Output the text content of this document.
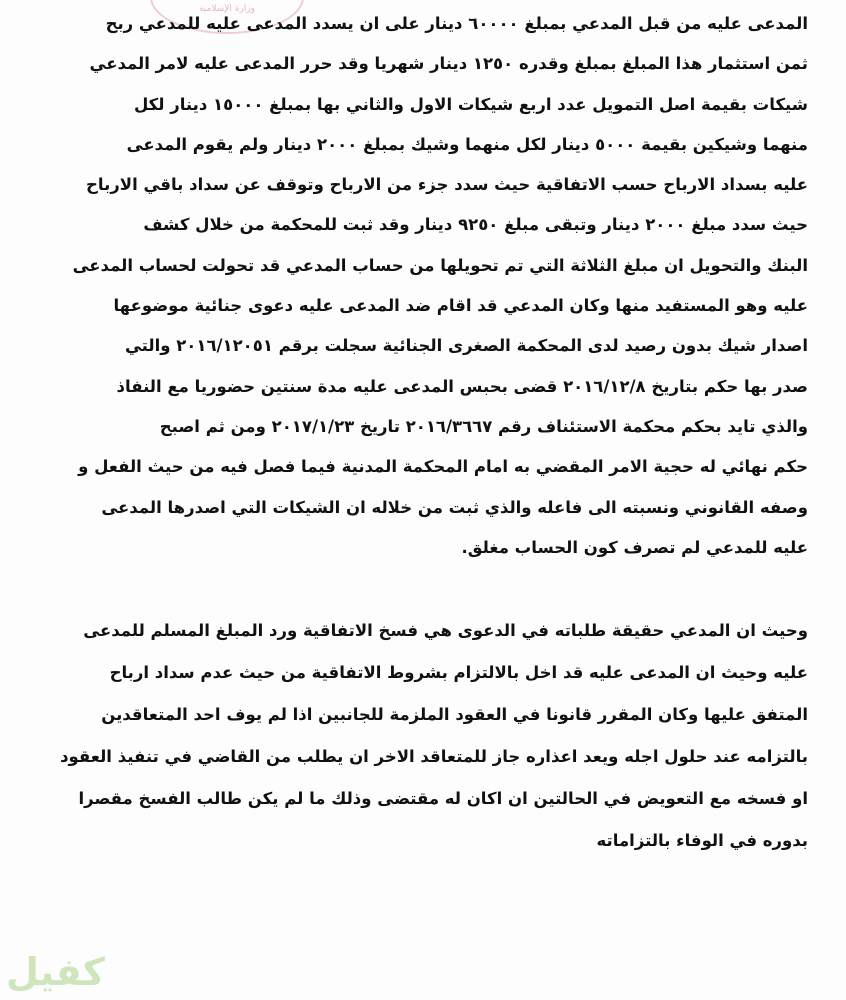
وزارة الإسلامية
المدعى عليه من قبل المدعي بمبلغ ٦٠٠٠٠ دينار على ان يسدد المدعى عليه للمدعي ربح
ثمن استثمار هذا المبلغ بمبلغ وقدره ١٢٥٠ دينار شهريا وقد حرر المدعى عليه لامر المدعي
شيكات بقيمة اصل التمويل عدد اربع شيكات الاول والثاني بها بمبلغ ١٥٠٠٠ دينار لكل
منهما وشيكين بقيمة ٥٠٠٠ دينار لكل منهما وشيك بمبلغ ٢٠٠٠ دينار ولم يقوم المدعى
عليه بسداد الارباح حسب الاتفاقية حيث سدد جزء من الارباح وتوقف عن سداد باقي الارباح
حيث سدد مبلغ ٢٠٠٠ دينار وتبقى مبلغ ٩٢٥٠ دينار وقد ثبت للمحكمة من خلال كشف
البنك والتحويل ان مبلغ الثلاثة التي تم تحويلها من حساب المدعي قد تحولت لحساب المدعى
عليه وهو المستفيد منها وكان المدعي قد اقام ضد المدعى عليه دعوى جنائية موضوعها
اصدار شيك بدون رصيد لدى المحكمة الصغرى الجنائية سجلت برقم ٢٠١٦/١٢٠٥١ والتي
صدر بها حكم بتاريخ ٢٠١٦/١٢/٨ قضى بحبس المدعى عليه مدة سنتين حضوريا مع النفاذ
والذي تايد بحكم محكمة الاستئناف رقم ٢٠١٦/٣٦٦٧ تاريخ ٢٠١٧/١/٢٣ ومن ثم اصبح
حكم نهائي له حجية الامر المقضي به امام المحكمة المدنية فيما فصل فيه من حيث الفعل و
وصفه القانوني ونسبته الى فاعله والذي ثبت من خلاله ان الشيكات التي اصدرها المدعى
عليه للمدعي لم تصرف كون الحساب مغلق.
وحيث ان المدعي حقيقة طلباته في الدعوى هي فسخ الاتفاقية ورد المبلغ المسلم للمدعى
عليه وحيث ان المدعى عليه قد اخل بالالتزام بشروط الاتفاقية من حيث عدم سداد ارباح
المتفق عليها وكان المقرر قانونا في العقود الملزمة للجانبين اذا لم يوف احد المتعاقدين
بالتزامه عند حلول اجله ويعد اعذاره جاز للمتعاقد الاخر ان يطلب من القاضي في تنفيذ العقود
او فسخه مع التعويض في الحالتين ان اكان له مقتضى وذلك ما لم يكن طالب الفسخ مقصرا
بدوره في الوفاء بالتزاماته
كفيل
